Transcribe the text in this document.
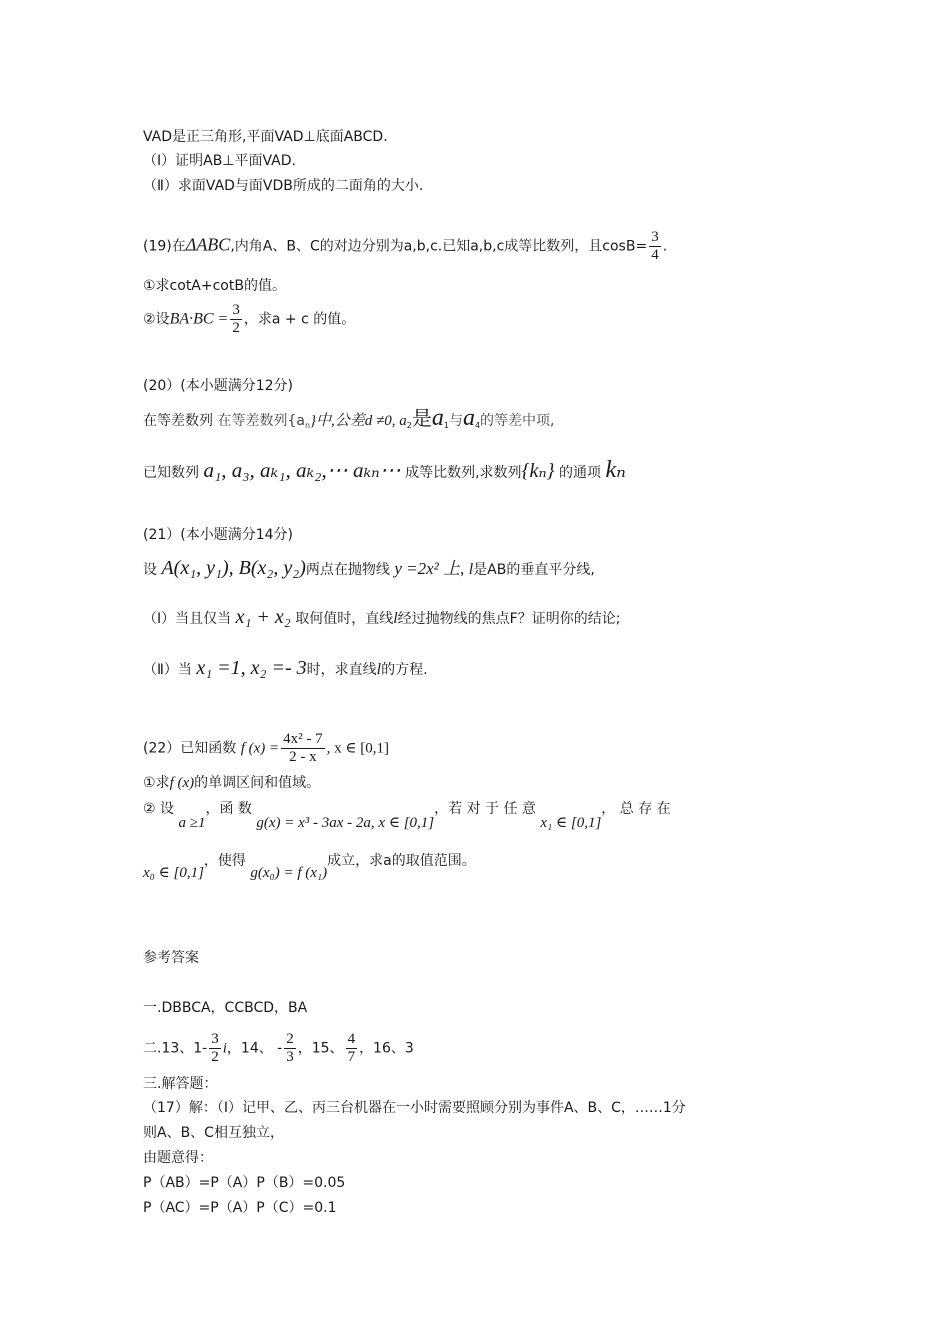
VAD是正三角形,平面VAD⊥底面ABCD.
（Ⅰ）证明AB⊥平面VAD.
（Ⅱ）求面VAD与面VDB所成的二面角的大小.
(19)在ΔABC,内角A、B、C的对边分别为a,b,c.已知a,b,c成等比数列，且$\cos B= \frac{3}{4}$ .
①求cotA+cotB的值。
②设$BA\cdot BC = \frac{3}{2}$ ，求a + c 的值。
(20）(本小题满分12分)
在等差数列 在等差数列$\{a_n\}$中,公差d ≠0, $a_2$是$a_1$与$a_4$的等差中项,
已知数列 a₁, a₃, aₖ₁, aₖ₂,⋯ aₖₙ⋯ 成等比数列,求数列{kₙ} 的通项 kₙ
(21）(本小题满分14分)
设 A(x₁, y₁), B(x₂, y₂)两点在抛物线 y =2x² 上, l是AB的垂直平分线,
（Ⅰ）当且仅当 x₁ + x₂ 取何值时，直线l经过抛物线的焦点F？证明你的结论;
（Ⅱ）当 x₁ =1, x₂ =- 3时，求直线l的方程.
(22）已知函数 f $(x) = \frac{\text{4x² - 7}}{2 - x}$ , x ∈ [0,1]
①求f (x)的单调区间和值域。
② 设 a ≥1，函 数 g(x) = x³ - 3ax - 2a, x ∈ [0,1]，若 对 于 任 意 x₁ ∈ [0,1]， 总 存 在
x₀ ∈ [0,1]，使得 g(x₀) = f (x₁)成立，求a的取值范围。
参考答案
一.DBBCA，CCBCD，BA
二.13、$1- \frac{3}{2}$ i，14、 - $\frac{2}{3}$ ，15、 $\frac{4}{7}$ ，16、3
三.解答题：
（17）解：（Ⅰ）记甲、乙、丙三台机器在一小时需要照顾分别为事件A、B、C，……1分
则A、B、C相互独立，
由题意得：
P（AB）=P（A）P（B）=0.05
P（AC）=P（A）P（C）=0.1
